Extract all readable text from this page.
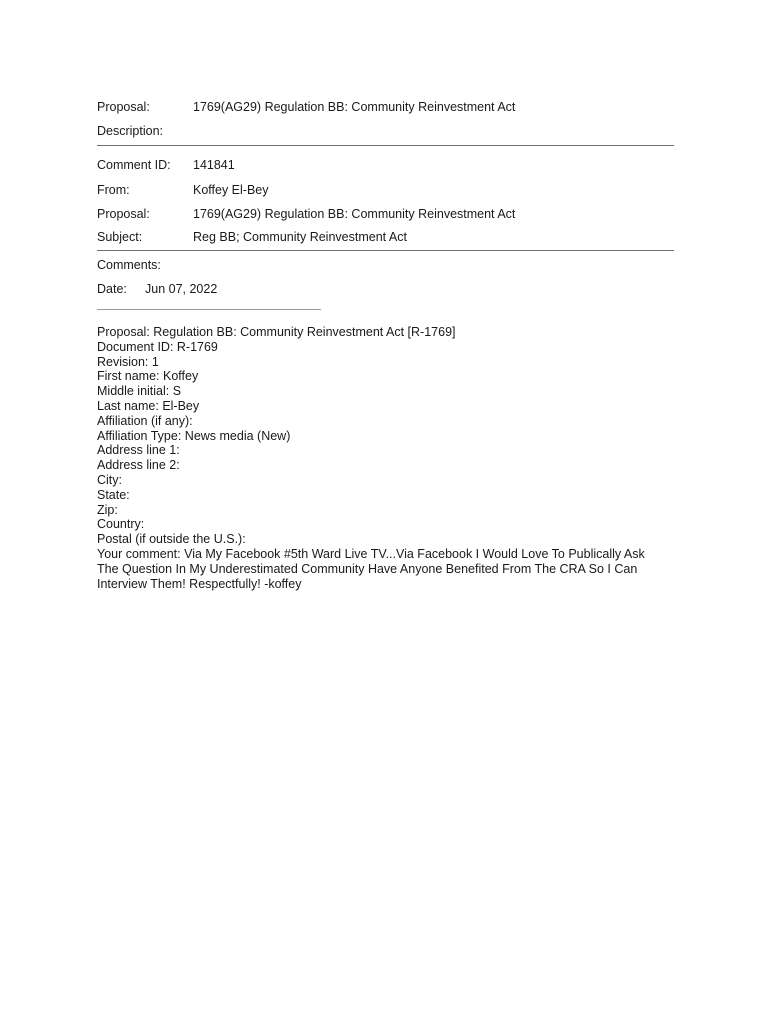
Proposal:	1769(AG29) Regulation BB: Community Reinvestment Act
Description:
Comment ID: 141841
From:	Koffey El-Bey
Proposal:	1769(AG29) Regulation BB: Community Reinvestment Act
Subject:	Reg BB; Community Reinvestment Act
Comments:
Date: Jun 07, 2022
Proposal: Regulation BB: Community Reinvestment Act [R-1769]
Document ID: R-1769
Revision: 1
First name: Koffey
Middle initial: S
Last name: El-Bey
Affiliation (if any):
Affiliation Type: News media (New)
Address line 1:
Address line 2:
City:
State:
Zip:
Country:
Postal (if outside the U.S.):
Your comment: Via My Facebook #5th Ward Live TV...Via Facebook I Would Love To Publically Ask The Question In My Underestimated Community Have Anyone Benefited From The CRA So I Can Interview Them! Respectfully! -koffey
